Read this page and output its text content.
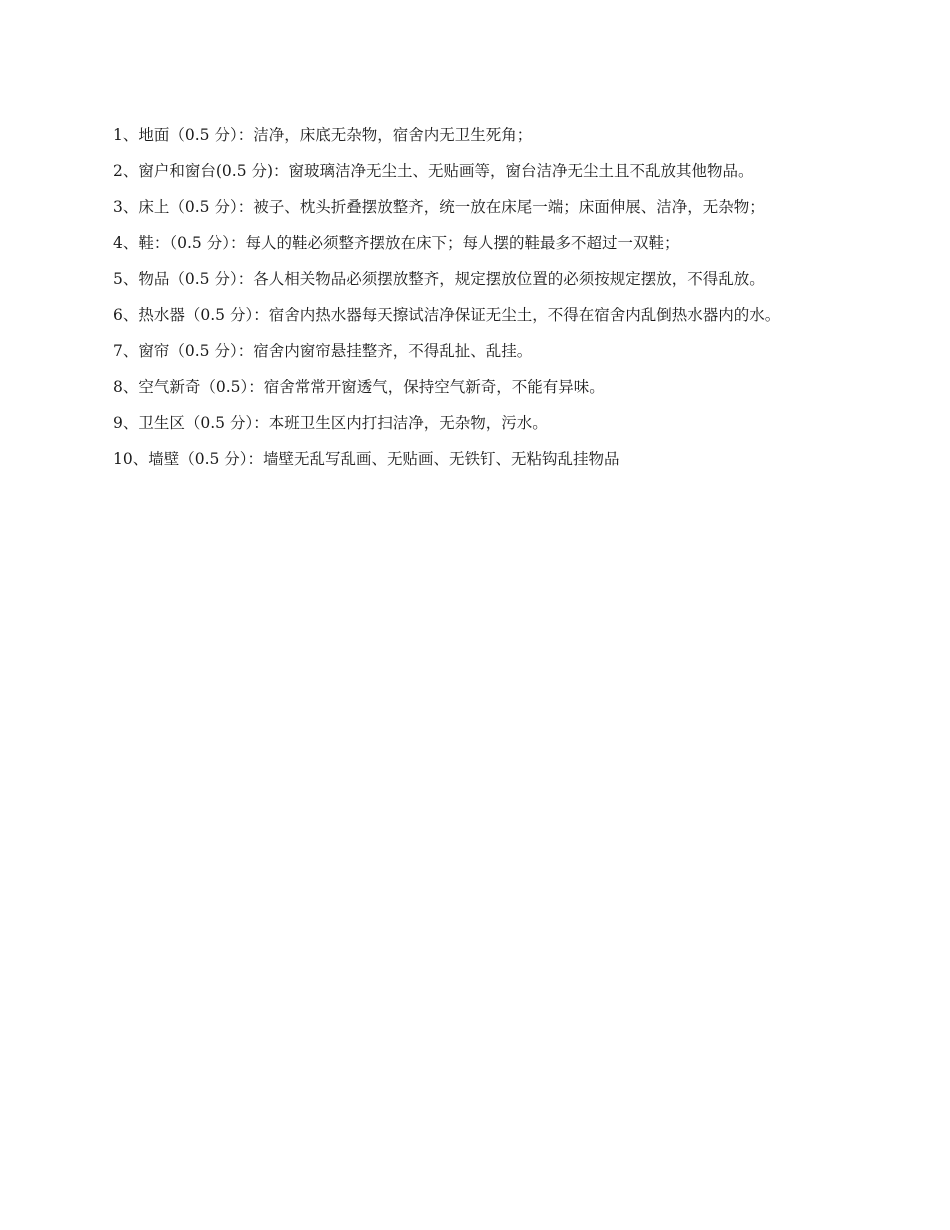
1、地面（0.5 分）：洁净，床底无杂物，宿舍内无卫生死角；

2、窗户和窗台(0.5 分)：窗玻璃洁净无尘土、无贴画等，窗台洁净无尘土且不乱放其他物品。

3、床上（0.5 分）：被子、枕头折叠摆放整齐，统一放在床尾一端；床面伸展、洁净，无杂物；

4、鞋：（0.5 分）：每人的鞋必须整齐摆放在床下；每人摆的鞋最多不超过一双鞋；

5、物品（0.5 分）：各人相关物品必须摆放整齐，规定摆放位置的必须按规定摆放，不得乱放。

6、热水器（0.5 分）：宿舍内热水器每天擦试洁净保证无尘土，不得在宿舍内乱倒热水器内的水。

7、窗帘（0.5 分）：宿舍内窗帘悬挂整齐，不得乱扯、乱挂。

8、空气新奇（0.5）：宿舍常常开窗透气，保持空气新奇，不能有异味。

9、卫生区（0.5 分）：本班卫生区内打扫洁净，无杂物，污水。

10、墙壁（0.5 分）：墙壁无乱写乱画、无贴画、无铁钉、无粘钩乱挂物品
